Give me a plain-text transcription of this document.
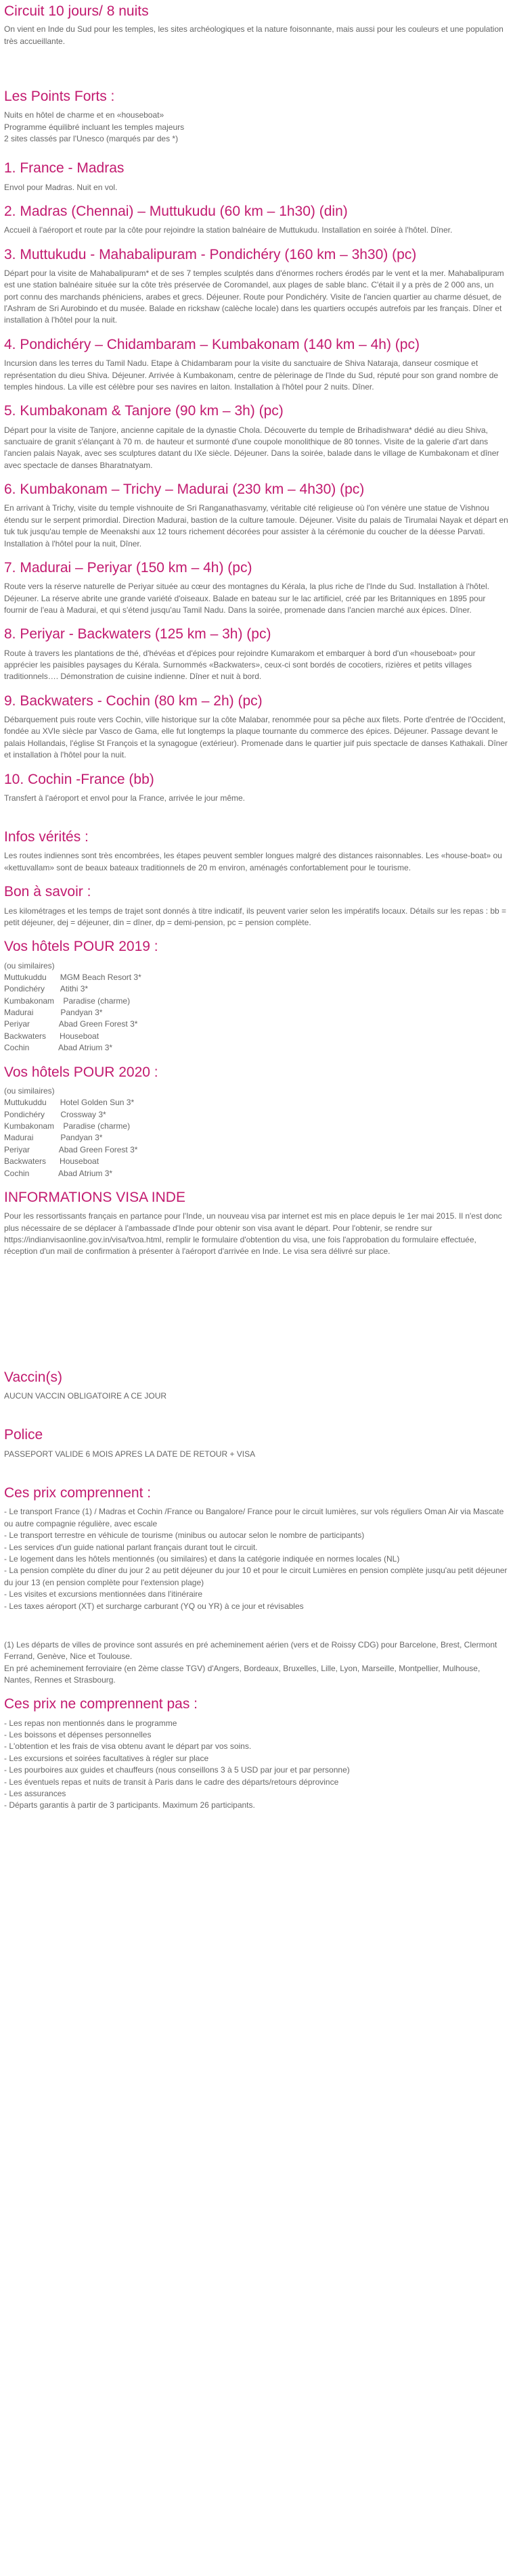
Circuit 10 jours/ 8 nuits

On vient en Inde du Sud pour les temples, les sites archéologiques et la nature foisonnante, mais aussi pour les couleurs et une population très accueillante.

Les Points Forts :
Nuits en hôtel de charme et en «houseboat»
Programme équilibré incluant les temples majeurs
2 sites classés par l'Unesco (marqués par des *)
1. France - Madras

Envol pour Madras. Nuit en vol.

2. Madras (Chennai) – Muttukudu (60 km – 1h30) (din)

Accueil à l'aéroport et route par la côte pour rejoindre la station balnéaire de Muttukudu. Installation en soirée à l'hôtel. Dîner.

3. Muttukudu - Mahabalipuram - Pondichéry (160 km – 3h30) (pc)

Départ pour la visite de Mahabalipuram* et de ses 7 temples sculptés dans d'énormes rochers érodés par le vent et la mer. Mahabalipuram est une station balnéaire située sur la côte très préservée de Coromandel, aux plages de sable blanc. C'était il y a près de 2 000 ans, un port connu des marchands phéniciens, arabes et grecs. Déjeuner. Route pour Pondichéry. Visite de l'ancien quartier au charme désuet, de l'Ashram de Sri Aurobindo et du musée. Balade en rickshaw (calèche locale) dans les quartiers occupés autrefois par les français. Dîner et installation à l'hôtel pour la nuit.

4. Pondichéry – Chidambaram – Kumbakonam (140 km – 4h) (pc)

Incursion dans les terres du Tamil Nadu. Etape à Chidambaram pour la visite du sanctuaire de Shiva Nataraja, danseur cosmique et représentation du dieu Shiva. Déjeuner. Arrivée à Kumbakonam, centre de pèlerinage de l'Inde du Sud, réputé pour son grand nombre de temples hindous. La ville est célèbre pour ses navires en laiton. Installation à l'hôtel pour 2 nuits. Dîner.

5. Kumbakonam & Tanjore (90 km – 3h) (pc)

Départ pour la visite de Tanjore, ancienne capitale de la dynastie Chola. Découverte du temple de Brihadishwara* dédié au dieu Shiva, sanctuaire de granit s'élançant à 70 m. de hauteur et surmonté d'une coupole monolithique de 80 tonnes. Visite de la galerie d'art dans l'ancien palais Nayak, avec ses sculptures datant du IXe siècle. Déjeuner. Dans la soirée, balade dans le village de Kumbakonam et dîner avec spectacle de danses Bharatnatyam.

6. Kumbakonam – Trichy – Madurai (230 km – 4h30) (pc)

En arrivant à Trichy, visite du temple vishnouite de Sri Ranganathasvamy, véritable cité religieuse où l'on vénère une statue de Vishnou étendu sur le serpent primordial. Direction Madurai, bastion de la culture tamoule. Déjeuner. Visite du palais de Tirumalai Nayak et départ en tuk tuk jusqu'au temple de Meenakshi aux 12 tours richement décorées pour assister à la cérémonie du coucher de la déesse Parvati. Installation à l'hôtel pour la nuit, Dîner.

7. Madurai – Periyar (150 km – 4h) (pc)

Route vers la réserve naturelle de Periyar située au cœur des montagnes du Kérala, la plus riche de l'Inde du Sud. Installation à l'hôtel. Déjeuner. La réserve abrite une grande variété d'oiseaux. Balade en bateau sur le lac artificiel, créé par les Britanniques en 1895 pour fournir de l'eau à Madurai, et qui s'étend jusqu'au Tamil Nadu. Dans la soirée, promenade dans l'ancien marché aux épices. Dîner.

8. Periyar - Backwaters (125 km – 3h) (pc)

Route à travers les plantations de thé, d'hévéas et d'épices pour rejoindre Kumarakom et embarquer à bord d'un «houseboat» pour apprécier les paisibles paysages du Kérala. Surnommés «Backwaters», ceux-ci sont bordés de cocotiers, rizières et petits villages traditionnels…. Démonstration de cuisine indienne. Dîner et nuit à bord.

9. Backwaters - Cochin (80 km – 2h) (pc)

Débarquement puis route vers Cochin, ville historique sur la côte Malabar, renommée pour sa pêche aux filets. Porte d'entrée de l'Occident, fondée au XVIe siècle par Vasco de Gama, elle fut longtemps la plaque tournante du commerce des épices. Déjeuner. Passage devant le palais Hollandais, l'église St François et la synagogue (extérieur). Promenade dans le quartier juif puis spectacle de danses Kathakali. Dîner et installation à l'hôtel pour la nuit.

10. Cochin -France (bb)

Transfert à l'aéroport et envol pour la France, arrivée le jour même.

Infos vérités :

Les routes indiennes sont très encombrées, les étapes peuvent sembler longues malgré des distances raisonnables. Les «house-boat» ou «kettuvallam» sont de beaux bateaux traditionnels de 20 m environ, aménagés confortablement pour le tourisme.

Bon à savoir :

Les kilométrages et les temps de trajet sont donnés à titre indicatif, ils peuvent varier selon les impératifs locaux. Détails sur les repas : bb = petit déjeuner, dej = déjeuner, din = dîner, dp = demi-pension, pc = pension complète.

Vos hôtels POUR 2019 :
(ou similaires)
Muttukuddu      MGM Beach Resort 3*
Pondichéry       Atithi 3*
Kumbakonam    Paradise (charme)
Madurai            Pandyan 3*
Periyar             Abad Green Forest 3*
Backwaters      Houseboat
Cochin             Abad Atrium 3*
Vos hôtels POUR 2020 :
(ou similaires)
Muttukuddu      Hotel Golden Sun 3*
Pondichéry       Crossway 3*
Kumbakonam    Paradise (charme)
Madurai            Pandyan 3*
Periyar             Abad Green Forest 3*
Backwaters      Houseboat
Cochin             Abad Atrium 3*
INFORMATIONS VISA INDE

Pour les ressortissants français en partance pour l'Inde, un nouveau visa par internet est mis en place depuis le 1er mai 2015. Il n'est donc plus nécessaire de se déplacer à l'ambassade d'Inde pour obtenir son visa avant le départ. Pour l'obtenir, se rendre sur https://indianvisaonline.gov.in/visa/tvoa.html, remplir le formulaire d'obtention du visa, une fois l'approbation du formulaire effectuée, réception d'un mail de confirmation à présenter à l'aéroport d'arrivée en Inde. Le visa sera délivré sur place.

Vaccin(s)

AUCUN VACCIN OBLIGATOIRE A CE JOUR

Police

PASSEPORT VALIDE 6 MOIS APRES LA DATE DE RETOUR + VISA

Ces prix comprennent :
- Le transport France (1) / Madras et Cochin /France ou Bangalore/ France pour le circuit lumières, sur vols réguliers Oman Air via Mascate ou autre compagnie régulière, avec escale
- Le transport terrestre en véhicule de tourisme (minibus ou autocar selon le nombre de participants)
- Les services d'un guide national parlant français durant tout le circuit.
- Le logement dans les hôtels mentionnés (ou similaires) et dans la catégorie indiquée en normes locales (NL)
- La pension complète du dîner du jour 2 au petit déjeuner du jour 10 et pour le circuit Lumières en pension complète jusqu'au petit déjeuner du jour 13 (en pension complète pour l'extension plage)
- Les visites et excursions mentionnées dans l'itinéraire
- Les taxes aéroport (XT) et surcharge carburant (YQ ou YR) à ce jour et révisables
(1) Les départs de villes de province sont assurés en pré acheminement aérien (vers et de Roissy CDG) pour Barcelone, Brest, Clermont Ferrand, Genève, Nice et Toulouse.
En pré acheminement ferroviaire (en 2ème classe TGV) d'Angers, Bordeaux, Bruxelles, Lille, Lyon, Marseille, Montpellier, Mulhouse, Nantes, Rennes et Strasbourg.
Ces prix ne comprennent pas :
- Les repas non mentionnés dans le programme
- Les boissons et dépenses personnelles
- L'obtention et les frais de visa obtenu avant le départ par vos soins.
- Les excursions et soirées facultatives à régler sur place
- Les pourboires aux guides et chauffeurs (nous conseillons 3 à 5 USD par jour et par personne)
- Les éventuels repas et nuits de transit à Paris dans le cadre des départs/retours déprovince
- Les assurances
- Départs garantis à partir de 3 participants. Maximum 26 participants.
